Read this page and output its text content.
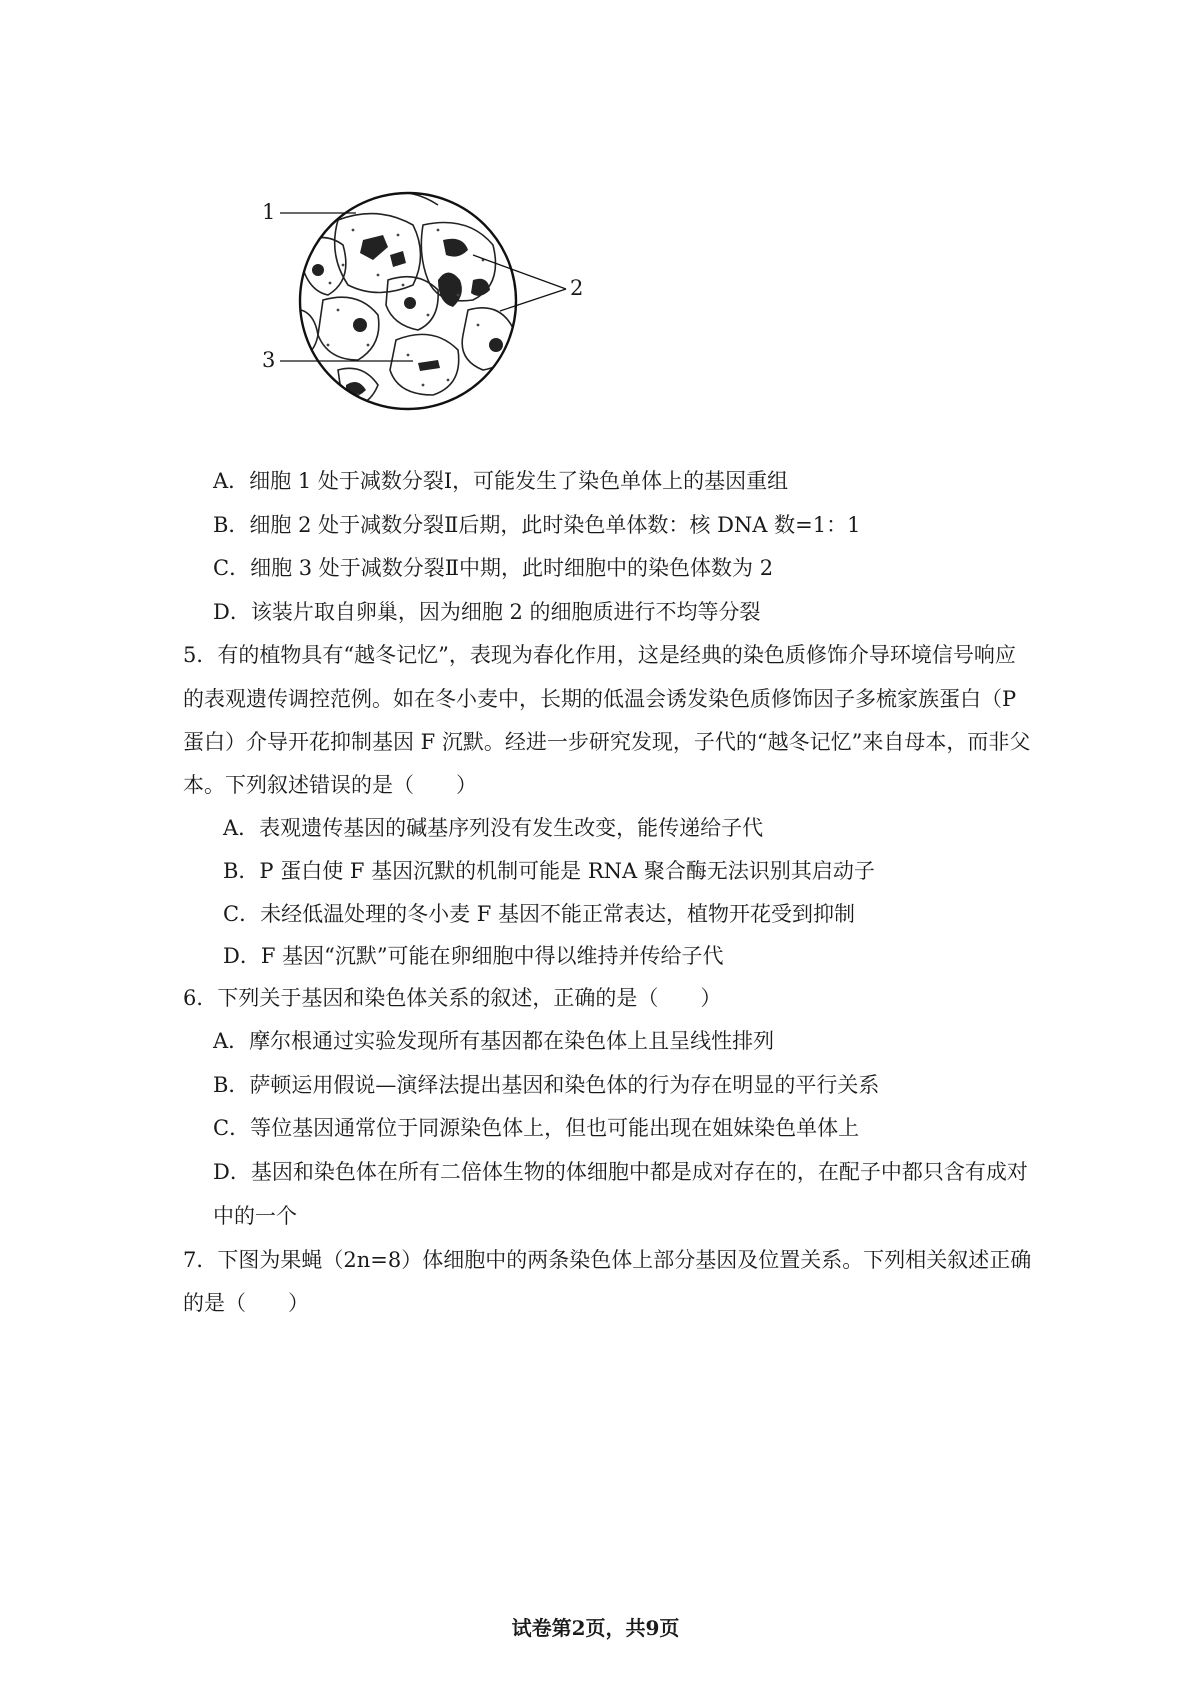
1
2
3
A．细胞 1 处于减数分裂Ⅰ，可能发生了染色单体上的基因重组
B．细胞 2 处于减数分裂Ⅱ后期，此时染色单体数：核 DNA 数=1：1
C．细胞 3 处于减数分裂Ⅱ中期，此时细胞中的染色体数为 2
D．该装片取自卵巢，因为细胞 2 的细胞质进行不均等分裂
5．有的植物具有“越冬记忆”，表现为春化作用，这是经典的染色质修饰介导环境信号响应
的表观遗传调控范例。如在冬小麦中，长期的低温会诱发染色质修饰因子多梳家族蛋白（P
蛋白）介导开花抑制基因 F 沉默。经进一步研究发现，子代的“越冬记忆”来自母本，而非父
本。下列叙述错误的是（　　）
A．表观遗传基因的碱基序列没有发生改变，能传递给子代
B．P 蛋白使 F 基因沉默的机制可能是 RNA 聚合酶无法识别其启动子
C．未经低温处理的冬小麦 F 基因不能正常表达，植物开花受到抑制
D．F 基因“沉默”可能在卵细胞中得以维持并传给子代
6．下列关于基因和染色体关系的叙述，正确的是（　　）
A．摩尔根通过实验发现所有基因都在染色体上且呈线性排列
B．萨顿运用假说—演绎法提出基因和染色体的行为存在明显的平行关系
C．等位基因通常位于同源染色体上，但也可能出现在姐妹染色单体上
D．基因和染色体在所有二倍体生物的体细胞中都是成对存在的，在配子中都只含有成对
中的一个
7．下图为果蝇（2n=8）体细胞中的两条染色体上部分基因及位置关系。下列相关叙述正确
的是（　　）
试卷第2页，共9页
